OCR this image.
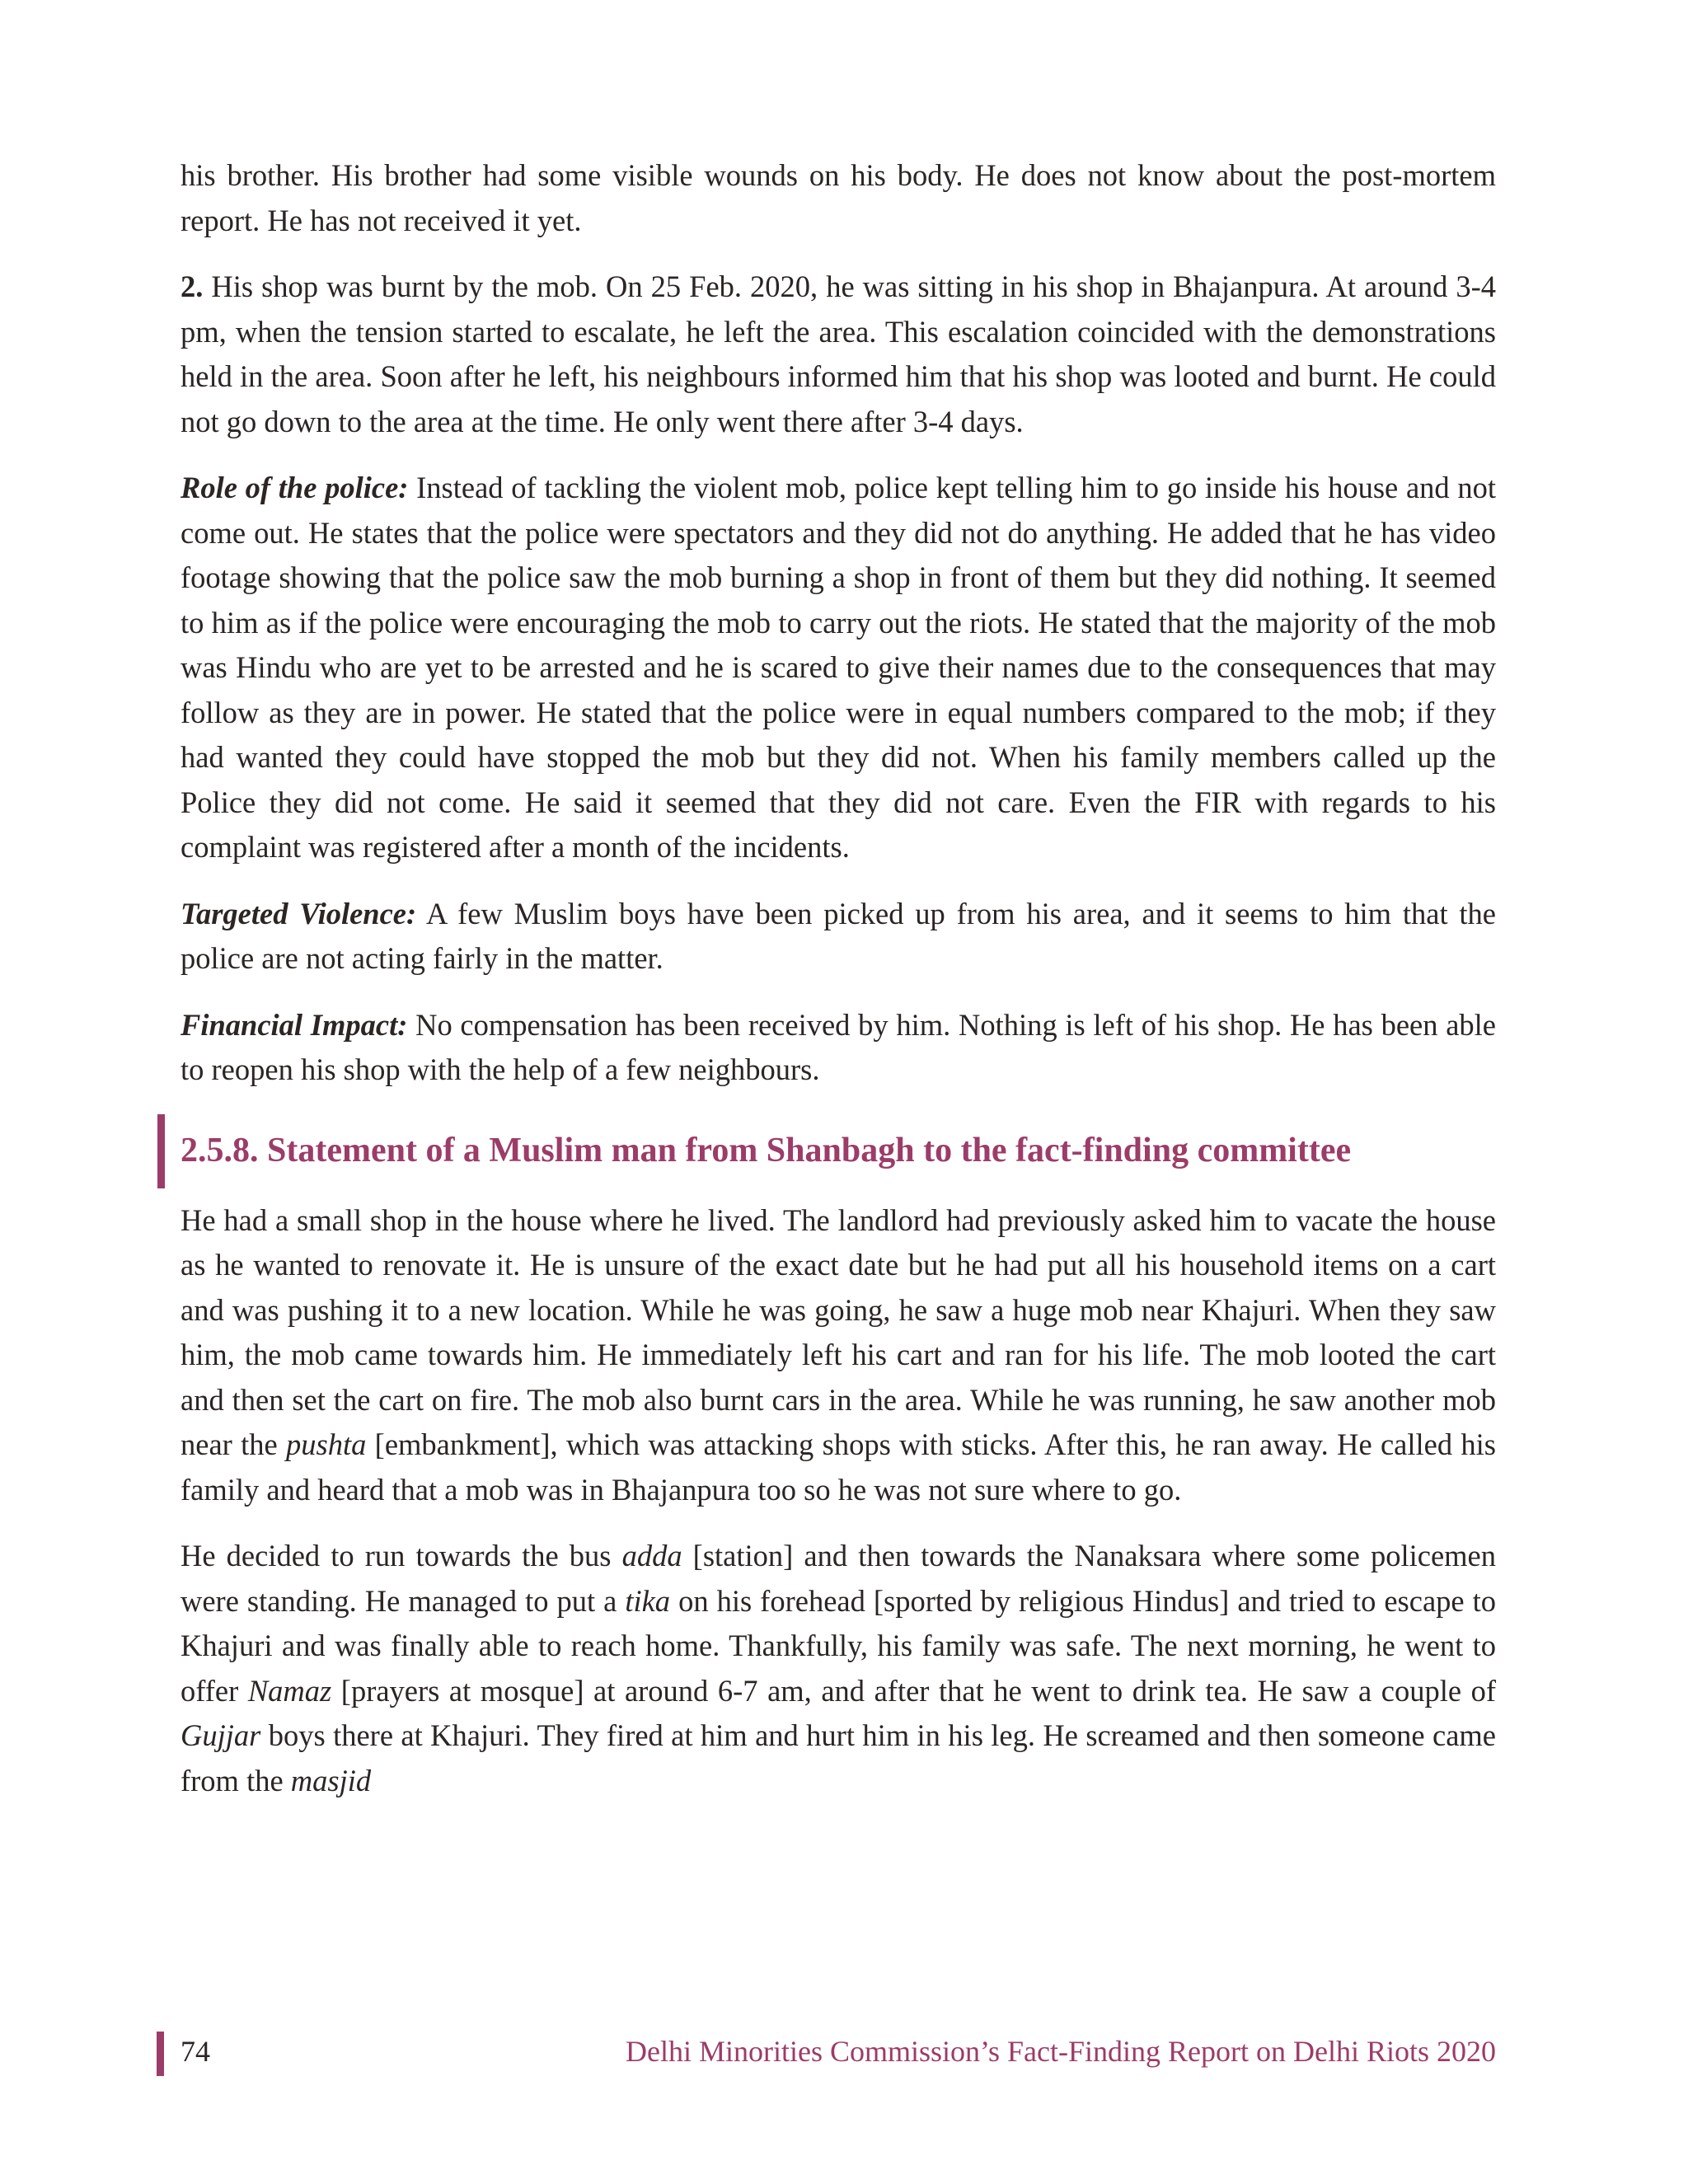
his brother. His brother had some visible wounds on his body. He does not know about the post-mortem report. He has not received it yet.

2. His shop was burnt by the mob. On 25 Feb. 2020, he was sitting in his shop in Bhajanpura. At around 3-4 pm, when the tension started to escalate, he left the area. This escalation coincided with the demonstrations held in the area. Soon after he left, his neighbours informed him that his shop was looted and burnt. He could not go down to the area at the time. He only went there after 3-4 days.

Role of the police: Instead of tackling the violent mob, police kept telling him to go inside his house and not come out. He states that the police were spectators and they did not do anything. He added that he has video footage showing that the police saw the mob burning a shop in front of them but they did nothing. It seemed to him as if the police were encouraging the mob to carry out the riots. He stated that the majority of the mob was Hindu who are yet to be arrested and he is scared to give their names due to the consequences that may follow as they are in power. He stated that the police were in equal numbers compared to the mob; if they had wanted they could have stopped the mob but they did not. When his family members called up the Police they did not come. He said it seemed that they did not care. Even the FIR with regards to his complaint was registered after a month of the incidents.

Targeted Violence: A few Muslim boys have been picked up from his area, and it seems to him that the police are not acting fairly in the matter.

Financial Impact: No compensation has been received by him. Nothing is left of his shop. He has been able to reopen his shop with the help of a few neighbours.

2.5.8. Statement of a Muslim man from Shanbagh to the fact-finding committee

He had a small shop in the house where he lived. The landlord had previously asked him to vacate the house as he wanted to renovate it. He is unsure of the exact date but he had put all his household items on a cart and was pushing it to a new location. While he was going, he saw a huge mob near Khajuri. When they saw him, the mob came towards him. He immediately left his cart and ran for his life. The mob looted the cart and then set the cart on fire. The mob also burnt cars in the area. While he was running, he saw another mob near the pushta [embankment], which was attacking shops with sticks. After this, he ran away. He called his family and heard that a mob was in Bhajanpura too so he was not sure where to go.

He decided to run towards the bus adda [station] and then towards the Nanaksara where some policemen were standing. He managed to put a tika on his forehead [sported by religious Hindus] and tried to escape to Khajuri and was finally able to reach home. Thankfully, his family was safe. The next morning, he went to offer Namaz [prayers at mosque] at around 6-7 am, and after that he went to drink tea. He saw a couple of Gujjar boys there at Khajuri. They fired at him and hurt him in his leg. He screamed and then someone came from the masjid

74	Delhi Minorities Commission’s Fact-Finding Report on Delhi Riots 2020
